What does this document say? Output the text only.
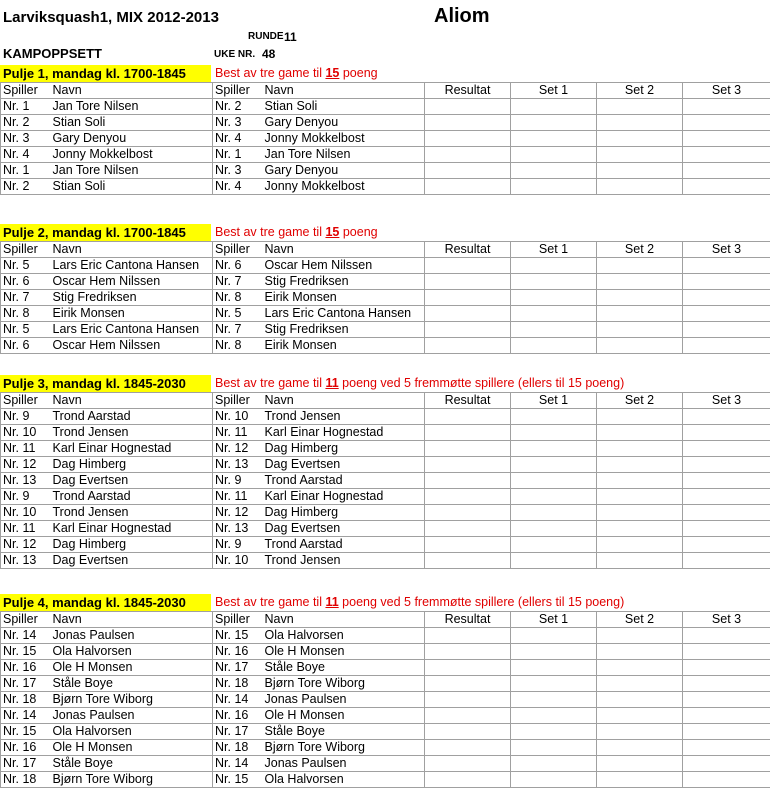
Larviksquash1, MIX 2012-2013	Aliom
RUNDE 11
KAMPOPPSETT	UKE NR. 48
Pulje 1, mandag kl. 1700-1845	Best av tre game til 15 poeng
Spiller	Navn	Spiller	Navn	Resultat	Set 1	Set 2	Set 3
Nr. 1	Jan Tore Nilsen	Nr. 2	Stian Soli				
Nr. 2	Stian Soli	Nr. 3	Gary Denyou				
Nr. 3	Gary Denyou	Nr. 4	Jonny Mokkelbost				
Nr. 4	Jonny Mokkelbost	Nr. 1	Jan Tore Nilsen				
Nr. 1	Jan Tore Nilsen	Nr. 3	Gary Denyou				
Nr. 2	Stian Soli	Nr. 4	Jonny Mokkelbost				
Pulje 2, mandag kl. 1700-1845	Best av tre game til 15 poeng
Spiller	Navn	Spiller	Navn	Resultat	Set 1	Set 2	Set 3
Nr. 5	Lars Eric Cantona Hansen	Nr. 6	Oscar Hem Nilssen				
Nr. 6	Oscar Hem Nilssen	Nr. 7	Stig Fredriksen				
Nr. 7	Stig Fredriksen	Nr. 8	Eirik Monsen				
Nr. 8	Eirik Monsen	Nr. 5	Lars Eric Cantona Hansen				
Nr. 5	Lars Eric Cantona Hansen	Nr. 7	Stig Fredriksen				
Nr. 6	Oscar Hem Nilssen	Nr. 8	Eirik Monsen				
Pulje 3, mandag kl. 1845-2030	Best av tre game til 11 poeng ved 5 fremmøtte spillere (ellers til 15 poeng)
Spiller	Navn	Spiller	Navn	Resultat	Set 1	Set 2	Set 3
Nr. 9	Trond Aarstad	Nr. 10	Trond Jensen				
Nr. 10	Trond Jensen	Nr. 11	Karl Einar Hognestad				
Nr. 11	Karl Einar Hognestad	Nr. 12	Dag Himberg				
Nr. 12	Dag Himberg	Nr. 13	Dag Evertsen				
Nr. 13	Dag Evertsen	Nr. 9	Trond Aarstad				
Nr. 9	Trond Aarstad	Nr. 11	Karl Einar Hognestad				
Nr. 10	Trond Jensen	Nr. 12	Dag Himberg				
Nr. 11	Karl Einar Hognestad	Nr. 13	Dag Evertsen				
Nr. 12	Dag Himberg	Nr. 9	Trond Aarstad				
Nr. 13	Dag Evertsen	Nr. 10	Trond Jensen				
Pulje 4, mandag kl. 1845-2030	Best av tre game til 11 poeng ved 5 fremmøtte spillere (ellers til 15 poeng)
Spiller	Navn	Spiller	Navn	Resultat	Set 1	Set 2	Set 3
Nr. 14	Jonas Paulsen	Nr. 15	Ola Halvorsen				
Nr. 15	Ola Halvorsen	Nr. 16	Ole H Monsen				
Nr. 16	Ole H Monsen	Nr. 17	Ståle Boye				
Nr. 17	Ståle Boye	Nr. 18	Bjørn Tore Wiborg				
Nr. 18	Bjørn Tore Wiborg	Nr. 14	Jonas Paulsen				
Nr. 14	Jonas Paulsen	Nr. 16	Ole H Monsen				
Nr. 15	Ola Halvorsen	Nr. 17	Ståle Boye				
Nr. 16	Ole H Monsen	Nr. 18	Bjørn Tore Wiborg				
Nr. 17	Ståle Boye	Nr. 14	Jonas Paulsen				
Nr. 18	Bjørn Tore Wiborg	Nr. 15	Ola Halvorsen				
